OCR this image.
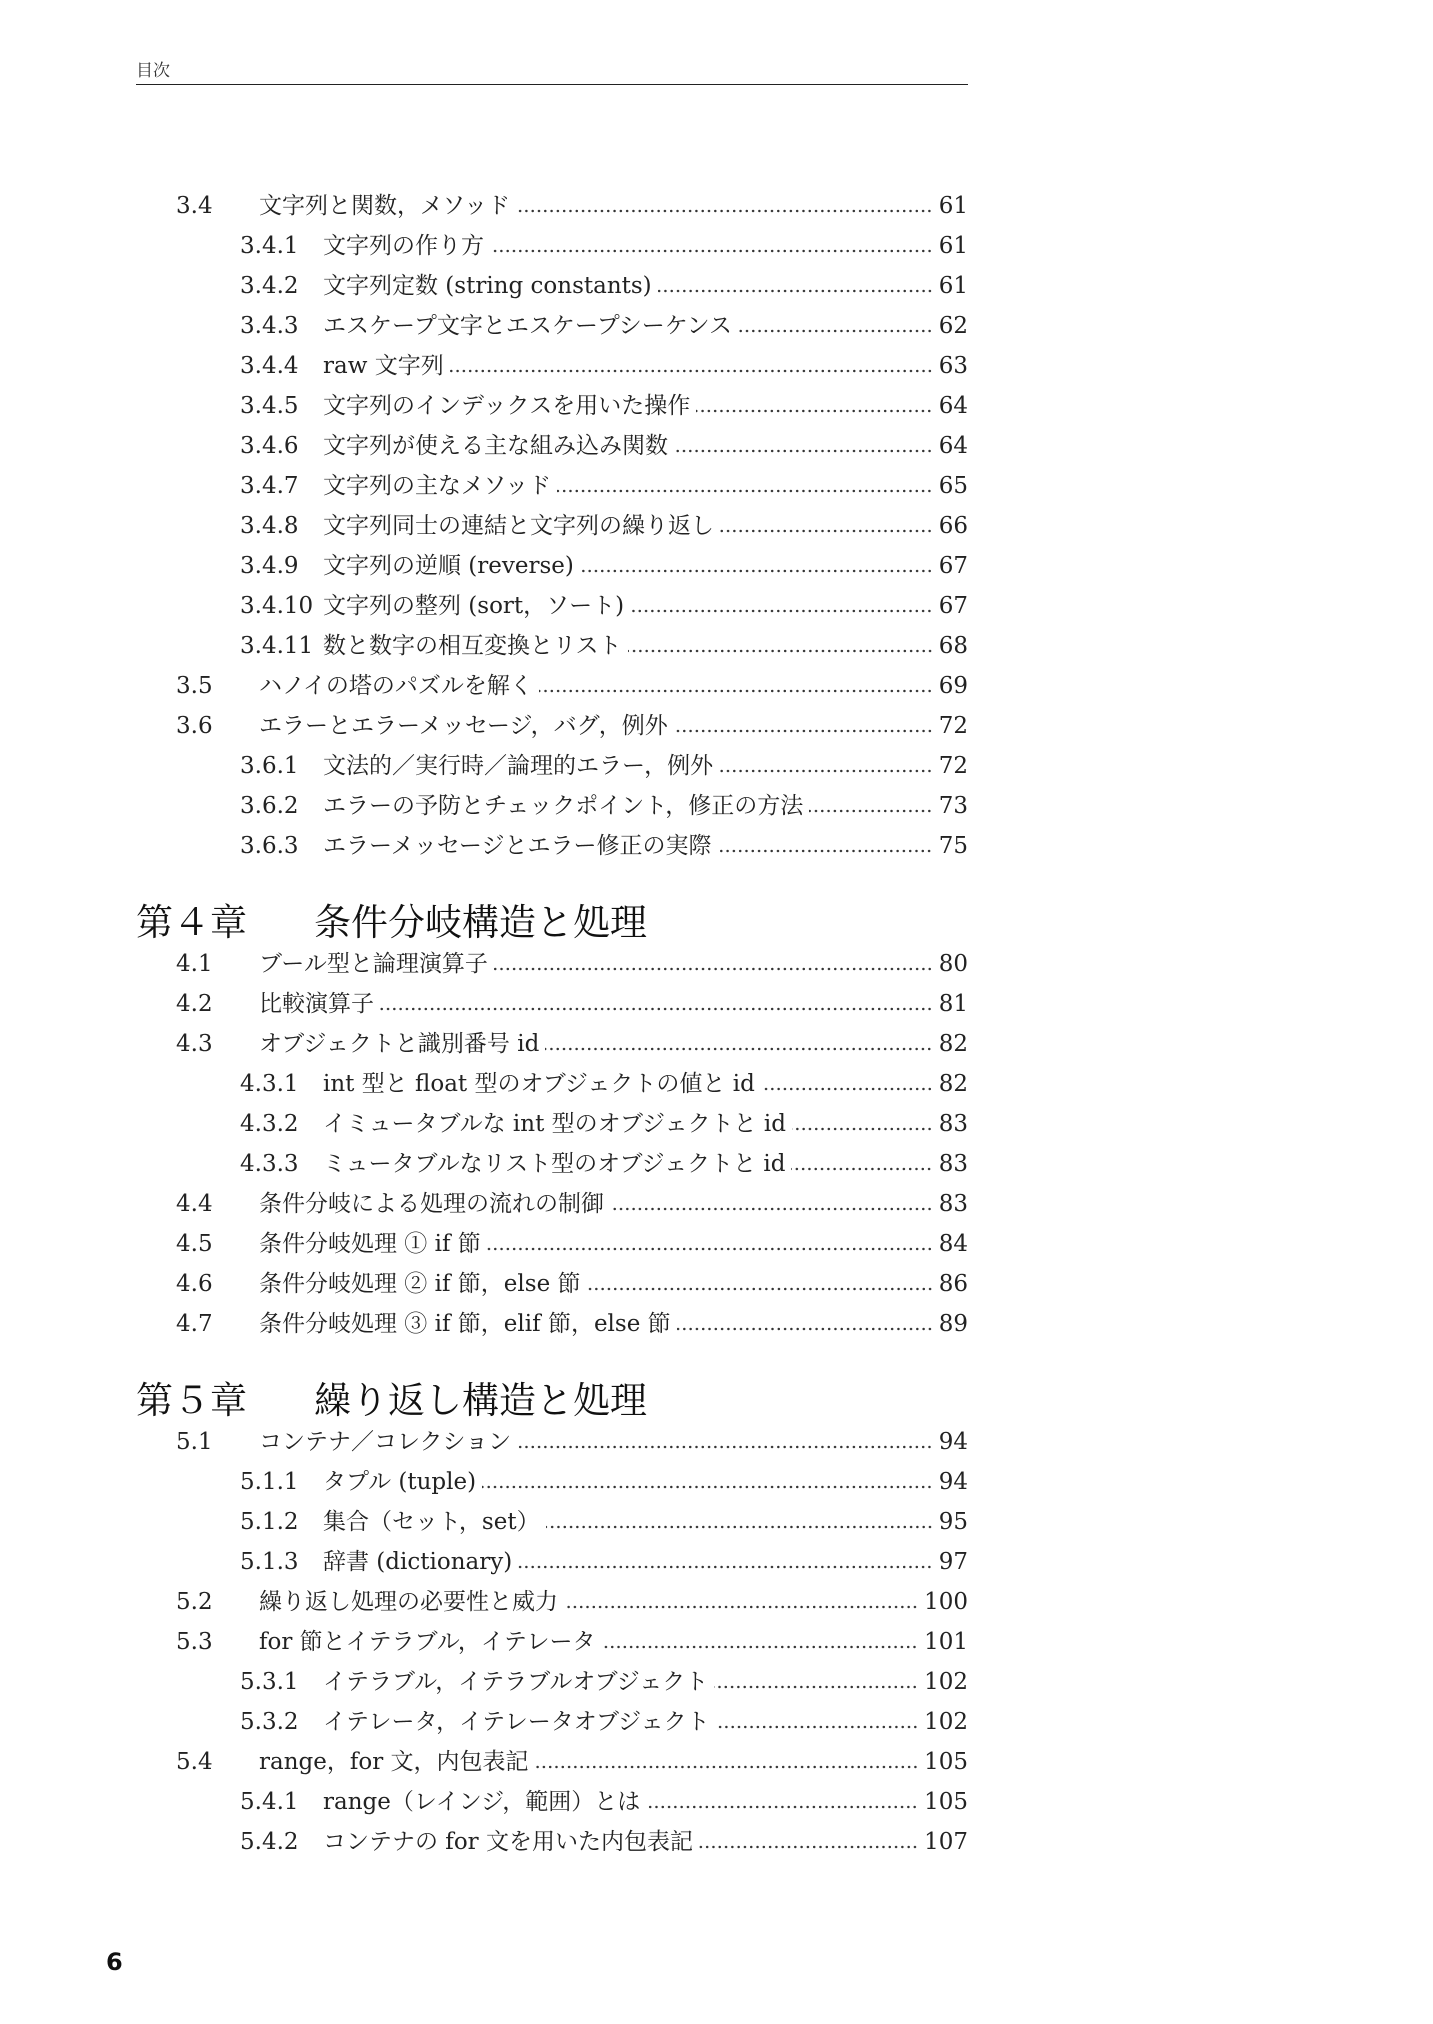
目次
3.4 文字列と関数，メソッド	61
3.4.1	文字列の作り方	61
3.4.2	文字列定数 (string constants)	61
3.4.3	エスケープ文字とエスケープシーケンス	62
3.4.4	raw 文字列	63
3.4.5	文字列のインデックスを用いた操作	64
3.4.6	文字列が使える主な組み込み関数	64
3.4.7	文字列の主なメソッド	65
3.4.8	文字列同士の連結と文字列の繰り返し	66
3.4.9	文字列の逆順 (reverse)	67
3.4.10 文字列の整列 (sort，ソート)	67
3.4.11 数と数字の相互変換とリスト	68
3.5 ハノイの塔のパズルを解く	69
3.6 エラーとエラーメッセージ，バグ，例外	72
3.6.1	文法的／実行時／論理的エラー，例外	72
3.6.2	エラーの予防とチェックポイント，修正の方法	73
3.6.3	エラーメッセージとエラー修正の実際	75
第４章	条件分岐構造と処理
4.1 ブール型と論理演算子	80
4.2 比較演算子	81
4.3 オブジェクトと識別番号 id	82
4.3.1	int 型と float 型のオブジェクトの値と id	82
4.3.2	イミュータブルな int 型のオブジェクトと id	83
4.3.3	ミュータブルなリスト型のオブジェクトと id	83
4.4 条件分岐による処理の流れの制御	83
4.5 条件分岐処理 ① if 節	84
4.6 条件分岐処理 ② if 節，else 節	86
4.7 条件分岐処理 ③ if 節，elif 節，else 節	89
第５章	繰り返し構造と処理
5.1 コンテナ／コレクション	94
5.1.1	タプル (tuple)	94
5.1.2	集合（セット，set）	95
5.1.3	辞書 (dictionary)	97
5.2 繰り返し処理の必要性と威力	100
5.3 for 節とイテラブル，イテレータ	101
5.3.1	イテラブル，イテラブルオブジェクト	102
5.3.2	イテレータ，イテレータオブジェクト	102
5.4 range，for 文，内包表記	105
5.4.1	range（レインジ，範囲）とは	105
5.4.2	コンテナの for 文を用いた内包表記	107
6
